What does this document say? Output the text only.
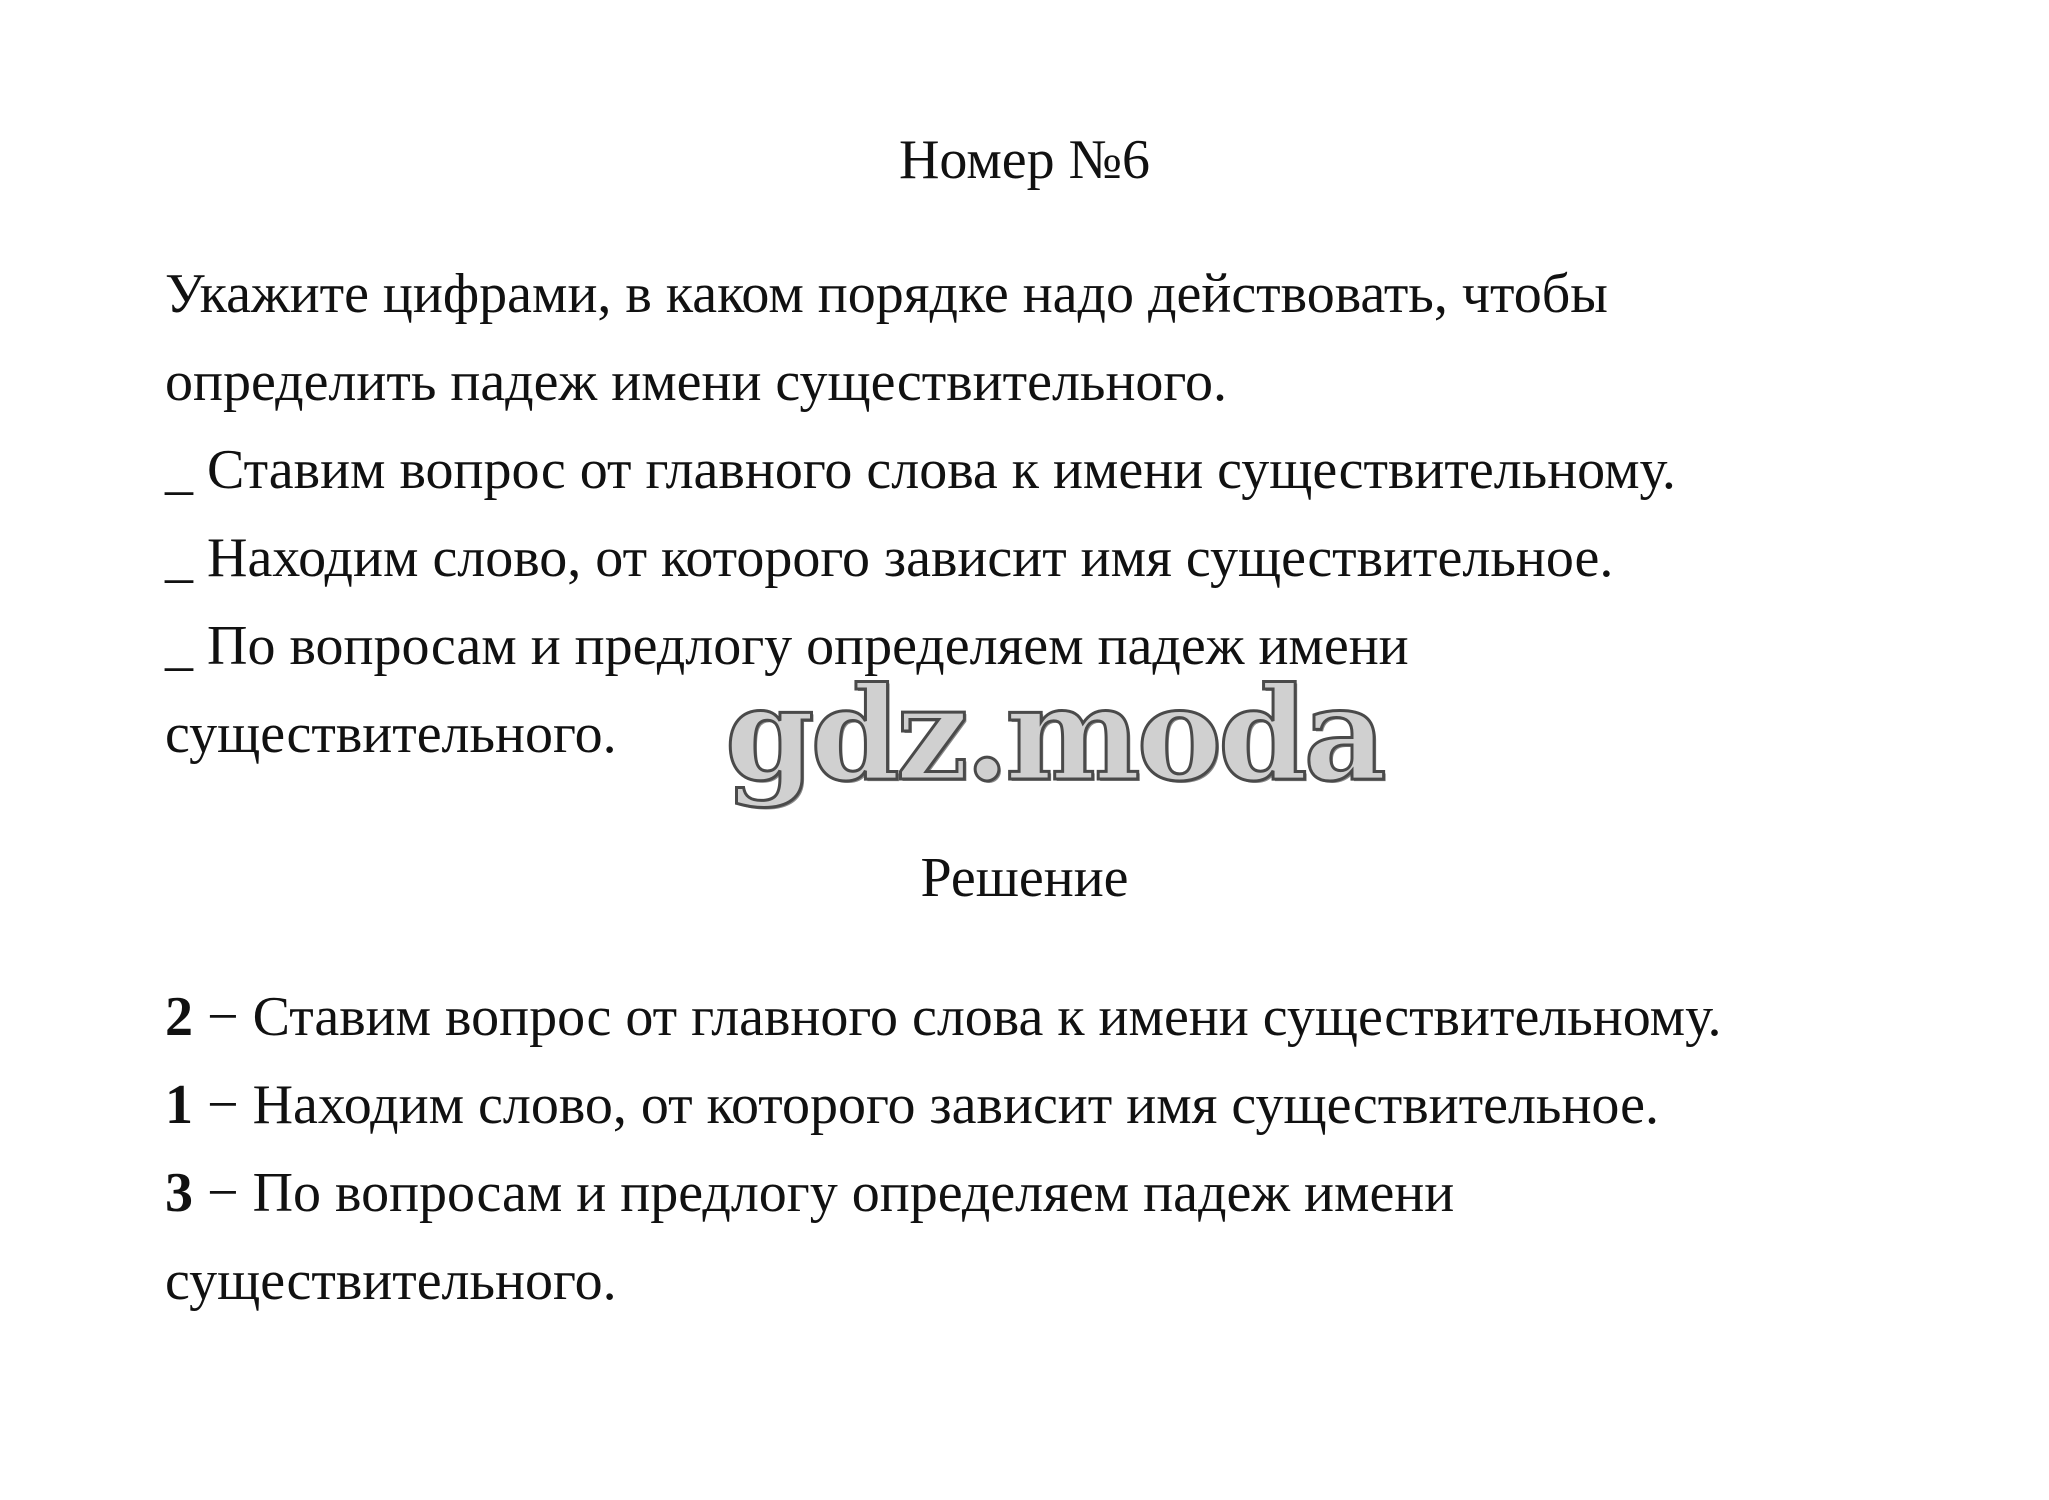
Номер №6

Укажите цифрами, в каком порядке надо действовать, чтобы

определить падеж имени существительного.

_ Ставим вопрос от главного слова к имени существительному.

_ Находим слово, от которого зависит имя существительное.

_ По вопросам и предлогу определяем падеж имени

существительного. gdz.moda
Решение

2 − Ставим вопрос от главного слова к имени существительному.

1 − Находим слово, от которого зависит имя существительное.

3 − По вопросам и предлогу определяем падеж имени

существительного.
